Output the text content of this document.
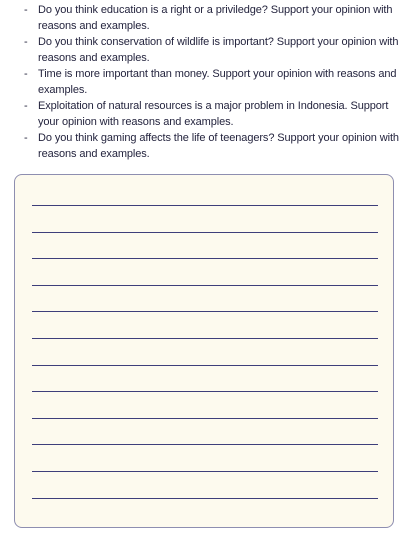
- Do you think education is a right or a priviledge? Support your opinion with reasons and examples.
- Do you think conservation of wildlife is important? Support your opinion with reasons and examples.
- Time is more important than money. Support your opinion with reasons and examples.
- Exploitation of natural resources is a major problem in Indonesia. Support your opinion with reasons and examples.
- Do you think gaming affects the life of teenagers? Support your opinion with reasons and examples.
